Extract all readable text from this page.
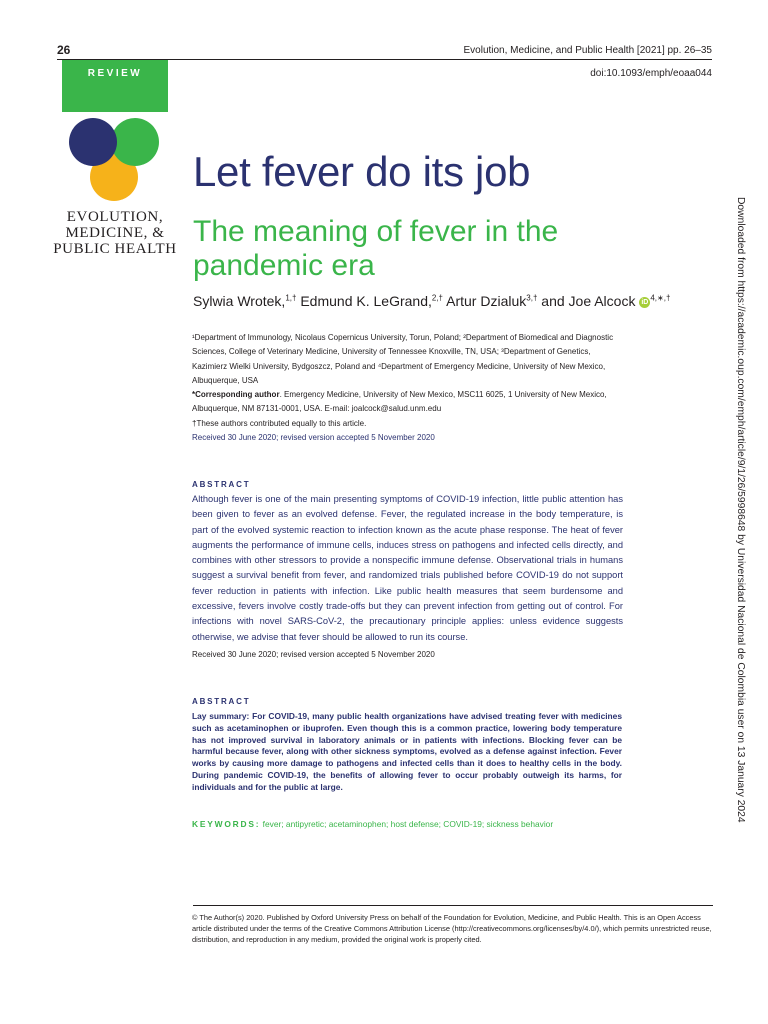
26	Evolution, Medicine, and Public Health [2021] pp. 26–35
doi:10.1093/emph/eoaa044
REVIEW
EVOLUTION,
MEDICINE, &
PUBLIC HEALTH
Let fever do its job
The meaning of fever in the pandemic era
Sylwia Wrotek,$^{1,\dagger}$ Edmund K. LeGrand,$^{2,\dagger}$ Artur Dzialuk$^{3,\dagger}$ and Joe Alcock iD $^{4,∗,\dagger}$

¹Department of Immunology, Nicolaus Copernicus University, Torun, Poland; ²Department of Biomedical and Diagnostic Sciences, College of Veterinary Medicine, University of Tennessee Knoxville, TN, USA; ³Department of Genetics, Kazimierz Wielki University, Bydgoszcz, Poland and ⁴Department of Emergency Medicine, University of New Mexico, Albuquerque, USA

*Corresponding author. Emergency Medicine, University of New Mexico, MSC11 6025, 1 University of New Mexico, Albuquerque, NM 87131-0001, USA. E-mail: joalcock@salud.unm.edu

†These authors contributed equally to this article.

Received 30 June 2020; revised version accepted 5 November 2020

ABSTRACT
Although fever is one of the main presenting symptoms of COVID-19 infection, little public attention has been given to fever as an evolved defense. Fever, the regulated increase in the body temperature, is part of the evolved systemic reaction to infection known as the acute phase response. The heat of fever augments the performance of immune cells, induces stress on pathogens and infected cells directly, and combines with other stressors to provide a nonspecific immune defense. Observational trials in humans suggest a survival benefit from fever, and randomized trials published before COVID-19 do not support fever reduction in patients with infection. Like public health measures that seem burdensome and excessive, fevers involve costly trade-offs but they can prevent infection from getting out of control. For infections with novel SARS-CoV-2, the precautionary principle applies: unless evidence suggests otherwise, we advise that fever should be allowed to run its course.
Received 30 June 2020; revised version accepted 5 November 2020
ABSTRACT
Lay summary: For COVID-19, many public health organizations have advised treating fever with medicines such as acetaminophen or ibuprofen. Even though this is a common practice, lowering body temperature has not improved survival in laboratory animals or in patients with infections. Blocking fever can be harmful because fever, along with other sickness symptoms, evolved as a defense against infection. Fever works by causing more damage to pathogens and infected cells than it does to healthy cells in the body. During pandemic COVID-19, the benefits of allowing fever to occur probably outweigh its harms, for individuals and for the public at large.
KEYWORDS: fever; antipyretic; acetaminophen; host defense; COVID-19; sickness behavior
© The Author(s) 2020. Published by Oxford University Press on behalf of the Foundation for Evolution, Medicine, and Public Health. This is an Open Access article distributed under the terms of the Creative Commons Attribution License (http://creativecommons.org/licenses/by/4.0/), which permits unrestricted reuse, distribution, and reproduction in any medium, provided the original work is properly cited.
Downloaded from https://academic.oup.com/emph/article/9/1/26/5998648 by Universidad Nacional de Colombia user on 13 January 2024
